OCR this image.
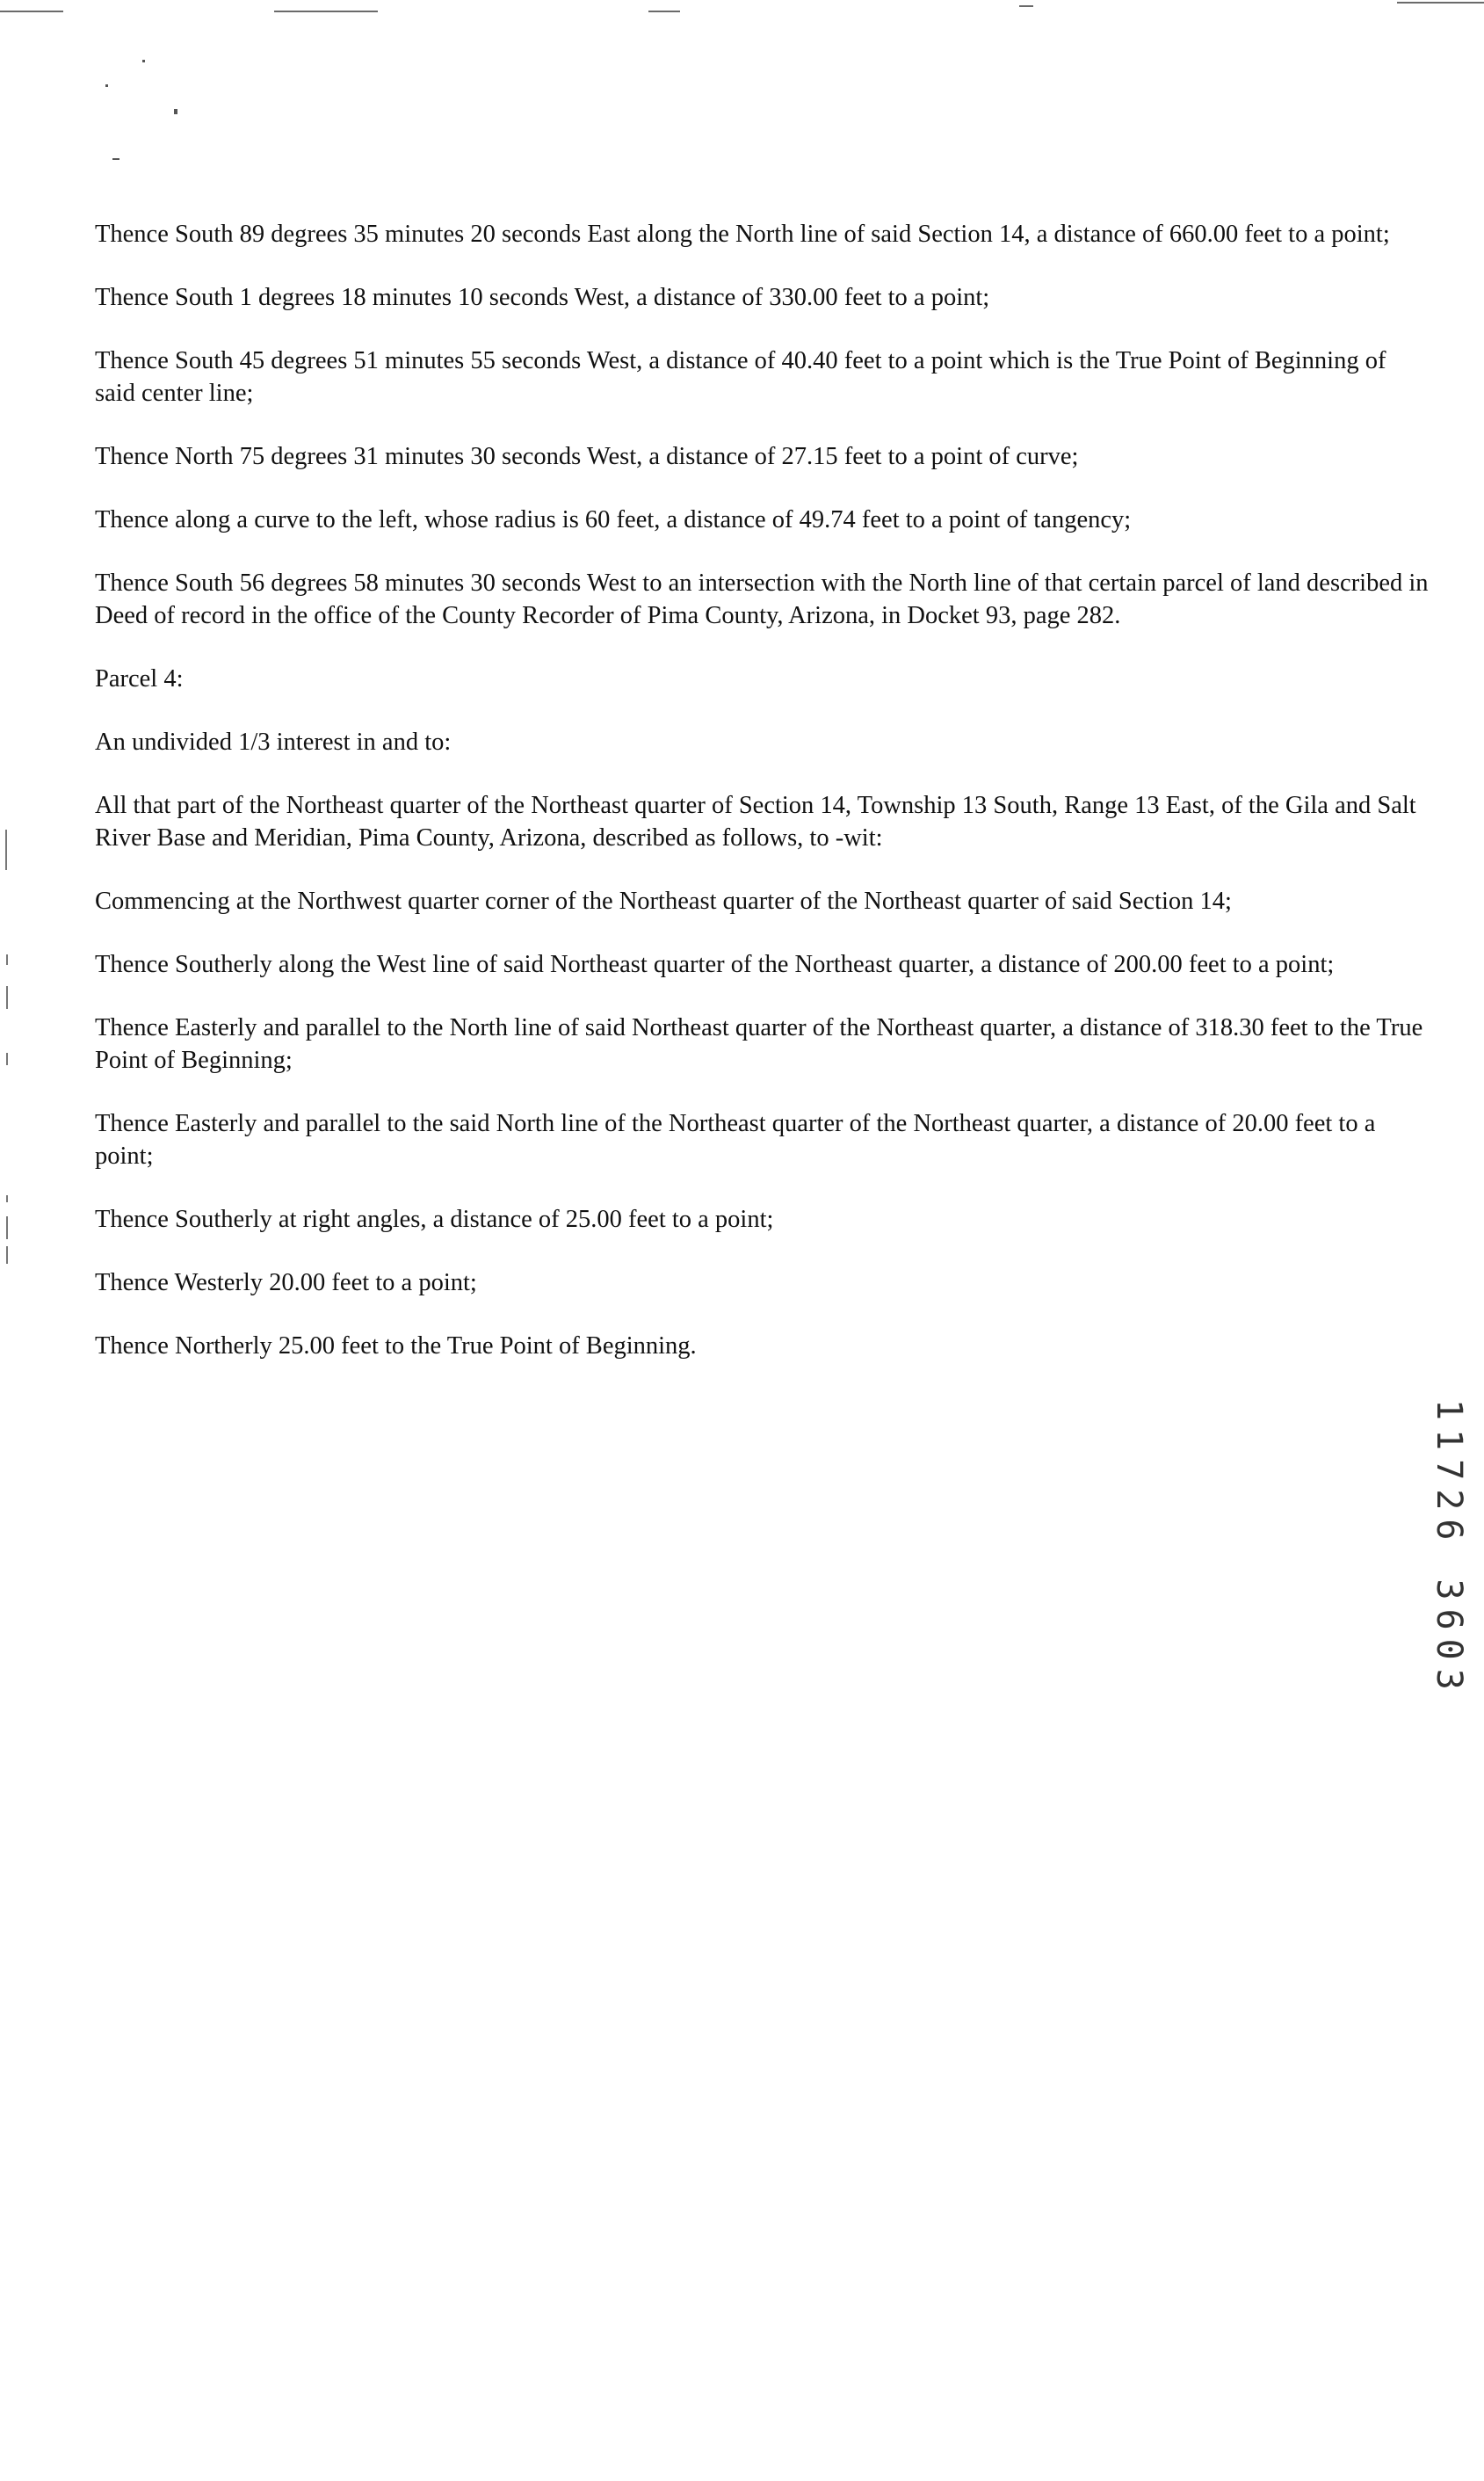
Thence South 89 degrees 35 minutes 20 seconds East along the North line of said Section 14, a distance of 660.00 feet to a point;

Thence South 1 degrees 18 minutes 10 seconds West, a distance of 330.00 feet to a point;

Thence South 45 degrees 51 minutes 55 seconds West, a distance of 40.40 feet to a point which is the True Point of Beginning of said center line;

Thence North 75 degrees 31 minutes 30 seconds West, a distance of 27.15 feet to a point of curve;

Thence along a curve to the left, whose radius is 60 feet, a distance of 49.74 feet to a point of tangency;

Thence South 56 degrees 58 minutes 30 seconds West to an intersection with the North line of that certain parcel of land described in Deed of record in the office of the County Recorder of Pima County, Arizona, in Docket 93, page 282.

Parcel 4:

An undivided 1/3 interest in and to:

All that part of the Northeast quarter of the Northeast quarter of Section 14, Township 13 South, Range 13 East, of the Gila and Salt River Base and Meridian, Pima County, Arizona, described as follows, to -wit:

Commencing at the Northwest quarter corner of the Northeast quarter of the Northeast quarter of said Section 14;

Thence Southerly along the West line of said Northeast quarter of the Northeast quarter, a distance of 200.00 feet to a point;

Thence Easterly and parallel to the North line of said Northeast quarter of the Northeast quarter, a distance of 318.30 feet to the True Point of Beginning;

Thence Easterly and parallel to the said North line of the Northeast quarter of the Northeast quarter, a distance of 20.00 feet to a point;

Thence Southerly at right angles, a distance of 25.00 feet to a point;

Thence Westerly 20.00 feet to a point;

Thence Northerly 25.00 feet to the True Point of Beginning.

11726 3603
